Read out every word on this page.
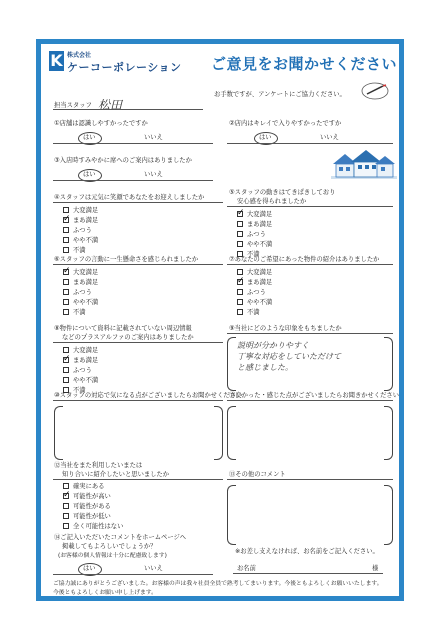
K 株式会社
ケーコーポレーション ご意見をお聞かせください
お手数ですが、アンケートにご協力ください。
担当スタッフ 松田
①店舗は認識しやすかったですか
はい	いいえ
②店内はキレイで入りやすかったですか
はい	いいえ
③入店時すみやかに席へのご案内はありましたか
はい	いいえ
④スタッフは元気に笑顔であなたをお迎えしましたか
大変満足
✓まあ満足
ふつう
やや不満
不満
⑤スタッフの動きはてきぱきしており
安心感を得られましたか
✓大変満足
まあ満足
ふつう
やや不満
不満
⑥スタッフの言動に一生懸命さを感じられましたか
✓大変満足
まあ満足
ふつう
やや不満
不満
⑦あなたのご希望にあった物件の紹介はありましたか
大変満足
✓まあ満足
ふつう
やや不満
不満
⑧物件について資料に記載されていない周辺情報
などのプラスアルファのご案内はありましたか
大変満足
✓まあ満足
ふつう
やや不満
不満
⑨当社にどのような印象をもちましたか
説明が分かりやすく
丁寧な対応をしていただけて
と感じました。
⑩スタッフの対応で気になる点がございましたらお聞かせください
⑪良かった・感じた点がございましたらお聞きかせください
⑫当社をまた利用したいまたは
知り合いに紹介したいと思いましたか
確実にある
✓可能性が高い
可能性がある
可能性が低い
全く可能性はない
⑬その他のコメント
⑭ご記入いただいたコメントをホームページへ
掲載してもよろしいでしょうか？
(お客様の個人情報は十分に配慮致します)
はい	いいえ
※お差し支えなければ、お名前をご記入ください。
お名前	様
ご協力誠にありがとうございました。お客様の声は我々社員全員で熟考してまいります。今後ともよろしくお願いいたします。
今後ともよろしくお願い申し上げます。
